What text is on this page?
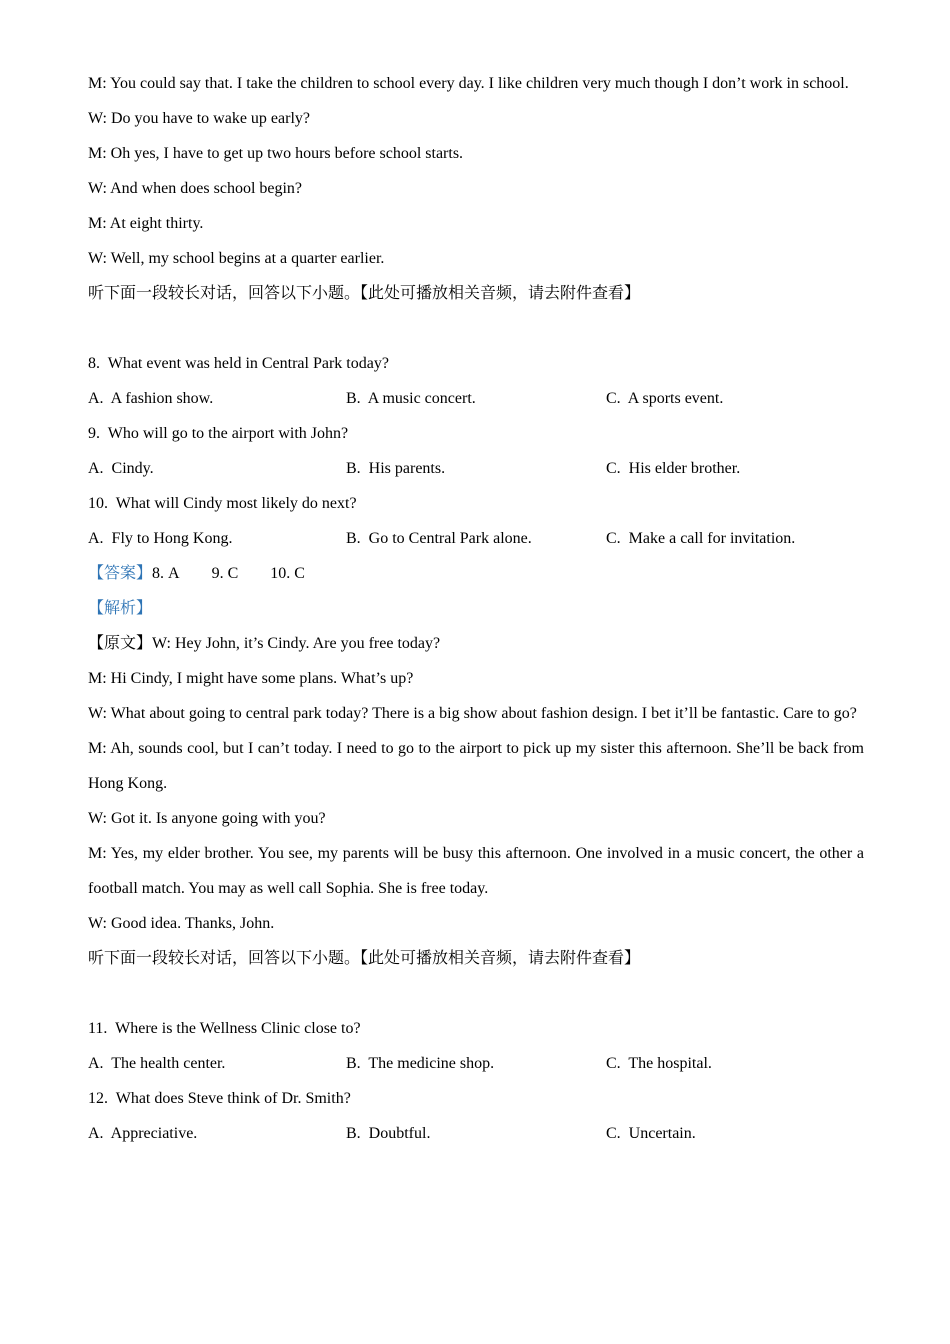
M: You could say that. I take the children to school every day. I like children very much though I don’t work in school.

W: Do you have to wake up early?

M: Oh yes, I have to get up two hours before school starts.

W: And when does school begin?

M: At eight thirty.

W: Well, my school begins at a quarter earlier.

听下面一段较长对话，回答以下小题。【此处可播放相关音频，请去附件查看】

8.  What event was held in Central Park today?

A.  A fashion show.	B.  A music concert.	C.  A sports event.

9.  Who will go to the airport with John?

A.  Cindy.	B.  His parents.	C.  His elder brother.

10.  What will Cindy most likely do next?

A.  Fly to Hong Kong.	B.  Go to Central Park alone.	C.  Make a call for invitation.

【答案】8. A 9. C 10. C

【解析】

【原文】W: Hey John, it’s Cindy. Are you free today?

M: Hi Cindy, I might have some plans. What’s up?

W: What about going to central park today? There is a big show about fashion design. I bet it’ll be fantastic. Care to go?

M: Ah, sounds cool, but I can’t today. I need to go to the airport to pick up my sister this afternoon. She’ll be back from Hong Kong.

W: Got it. Is anyone going with you?

M: Yes, my elder brother. You see, my parents will be busy this afternoon. One involved in a music concert, the other a football match. You may as well call Sophia. She is free today.

W: Good idea. Thanks, John.

听下面一段较长对话，回答以下小题。【此处可播放相关音频，请去附件查看】

11.  Where is the Wellness Clinic close to?

A.  The health center.	B.  The medicine shop.	C.  The hospital.

12.  What does Steve think of Dr. Smith?

A.  Appreciative.	B.  Doubtful.	C.  Uncertain.
